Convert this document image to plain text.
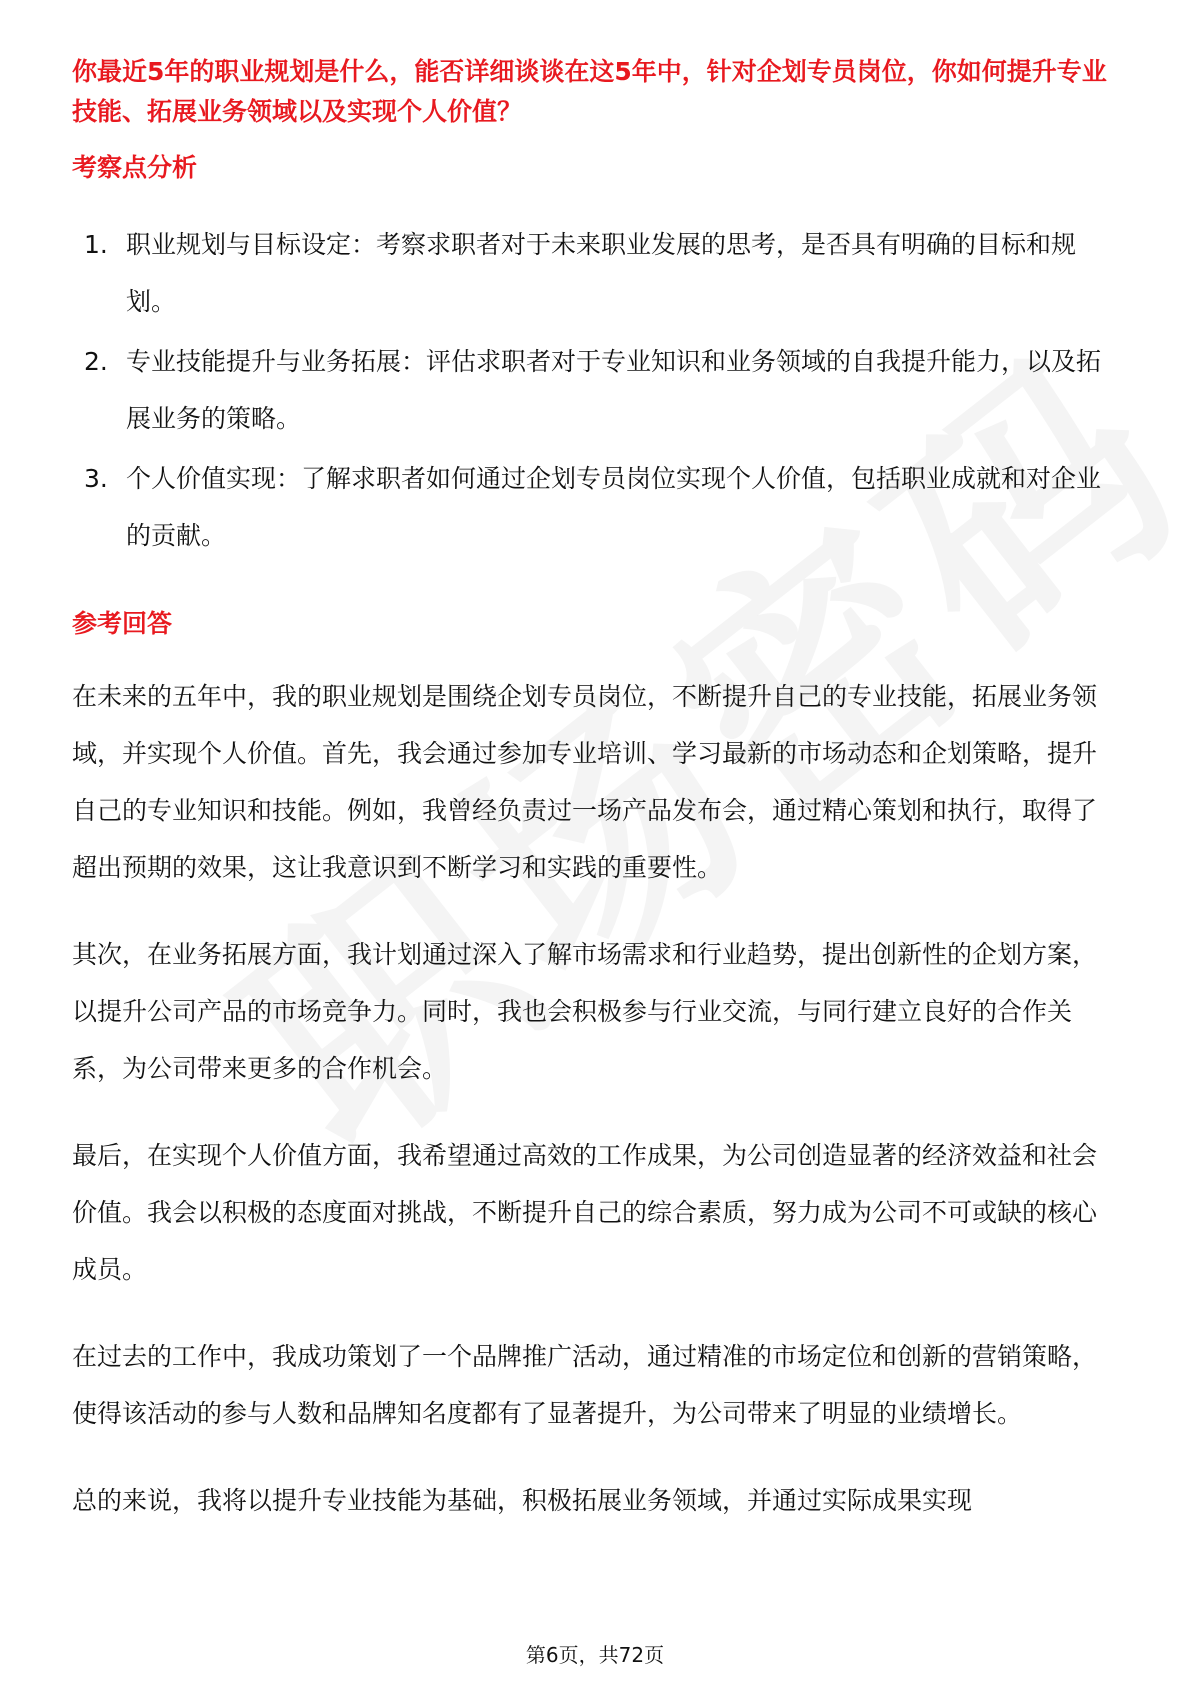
你最近5年的职业规划是什么，能否详细谈谈在这5年中，针对企划专员岗位，你如何提升专业技能、拓展业务领域以及实现个人价值？

考察点分析

1. 职业规划与目标设定：考察求职者对于未来职业发展的思考，是否具有明确的目标和规划。
2. 专业技能提升与业务拓展：评估求职者对于专业知识和业务领域的自我提升能力，以及拓展业务的策略。
3. 个人价值实现：了解求职者如何通过企划专员岗位实现个人价值，包括职业成就和对企业的贡献。

参考回答

在未来的五年中，我的职业规划是围绕企划专员岗位，不断提升自己的专业技能，拓展业务领域，并实现个人价值。首先，我会通过参加专业培训、学习最新的市场动态和企划策略，提升自己的专业知识和技能。例如，我曾经负责过一场产品发布会，通过精心策划和执行，取得了超出预期的效果，这让我意识到不断学习和实践的重要性。

其次，在业务拓展方面，我计划通过深入了解市场需求和行业趋势，提出创新性的企划方案，以提升公司产品的市场竞争力。同时，我也会积极参与行业交流，与同行建立良好的合作关系，为公司带来更多的合作机会。

最后，在实现个人价值方面，我希望通过高效的工作成果，为公司创造显著的经济效益和社会价值。我会以积极的态度面对挑战，不断提升自己的综合素质，努力成为公司不可或缺的核心成员。

在过去的工作中，我成功策划了一个品牌推广活动，通过精准的市场定位和创新的营销策略，使得该活动的参与人数和品牌知名度都有了显著提升，为公司带来了明显的业绩增长。

总的来说，我将以提升专业技能为基础，积极拓展业务领域，并通过实际成果实现

第6页，共72页
